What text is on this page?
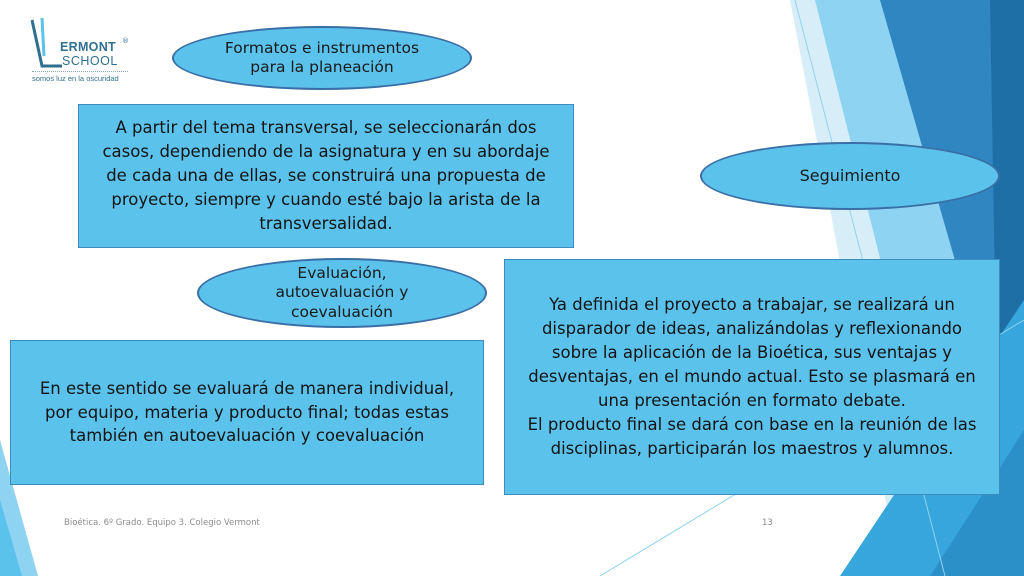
ERMONT ®
SCHOOL
somos luz en la oscuridad
Formatos e instrumentos para la planeación
A partir del tema transversal, se seleccionarán dos casos, dependiendo de la asignatura y en su abordaje de cada una de ellas, se construirá una propuesta de proyecto, siempre y cuando esté bajo la arista de la transversalidad.
Seguimiento
Ya definida el proyecto a trabajar, se realizará un disparador de ideas, analizándolas y reflexionando sobre la aplicación de la Bioética, sus ventajas y desventajas, en el mundo actual. Esto se plasmará en una presentación en formato debate.
El producto final se dará con base en la reunión de las disciplinas, participarán los maestros y alumnos.
Evaluación, autoevaluación y coevaluación
En este sentido se evaluará de manera individual, por equipo, materia y producto final; todas estas también en autoevaluación y coevaluación
Bioética. 6º Grado. Equipo 3. Colegio Vermont	13
